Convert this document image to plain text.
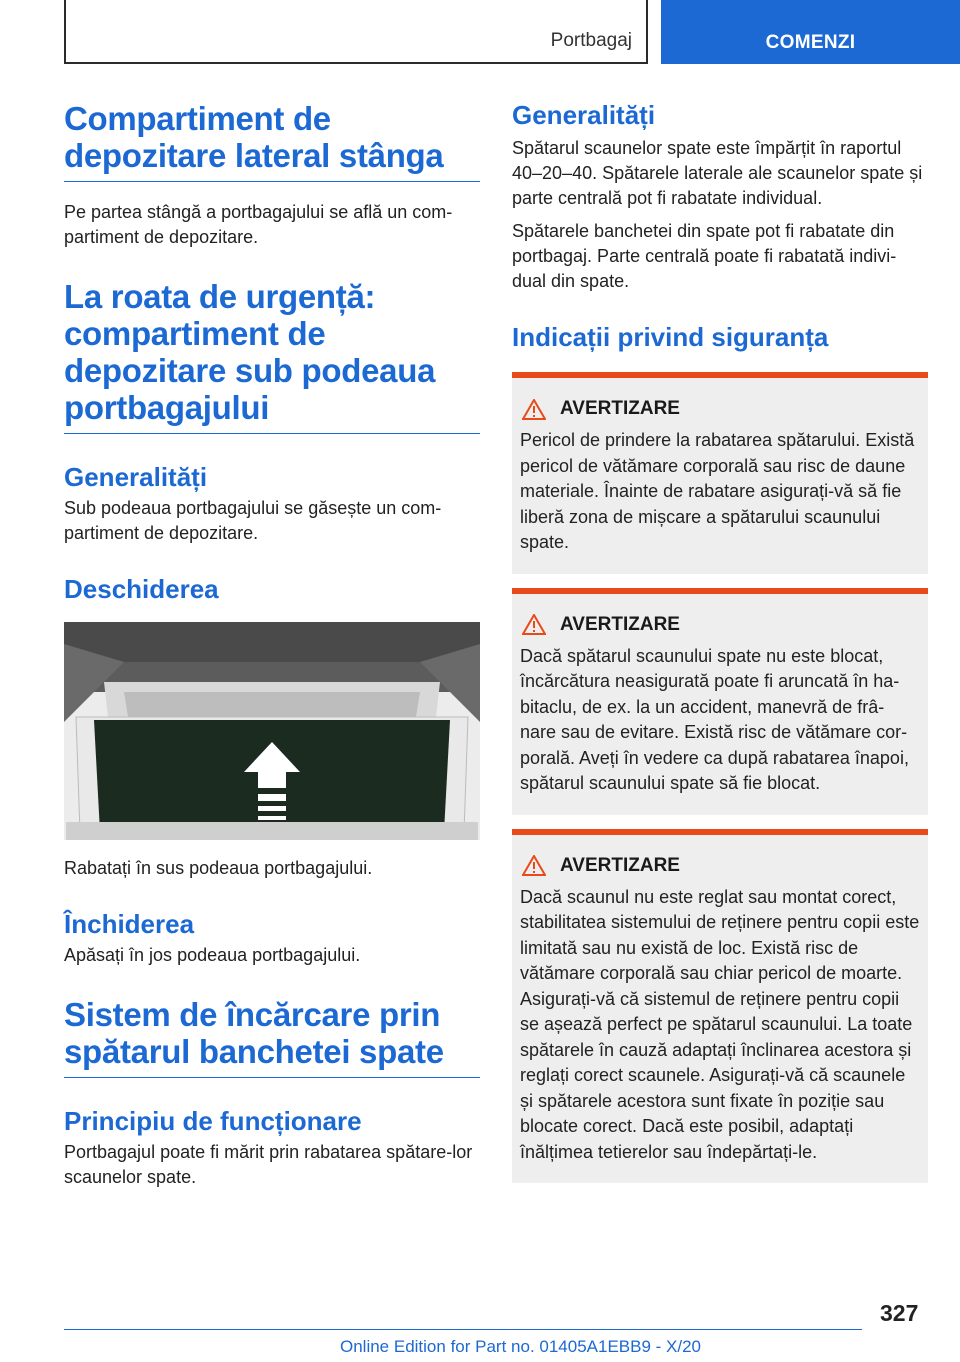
Portbagaj	COMENZI
Compartiment de depozitare lateral stânga

Pe partea stângă a portbagajului se află un com-partiment de depozitare.

La roata de urgență: compartiment de depozitare sub podeaua portbagajului
Generalități

Sub podeaua portbagajului se găsește un com-partiment de depozitare.

Deschiderea

Rabatați în sus podeaua portbagajului.

Închiderea

Apăsați în jos podeaua portbagajului.

Sistem de încărcare prin spătarul banchetei spate
Principiu de funcționare

Portbagajul poate fi mărit prin rabatarea spătare-lor scaunelor spate.

Generalități

Spătarul scaunelor spate este împărțit în raportul 40–20–40. Spătarele laterale ale scaunelor spate și parte centrală pot fi rabatate individual.

Spătarele banchetei din spate pot fi rabatate din portbagaj. Parte centrală poate fi rabatată indivi-dual din spate.

Indicații privind siguranța
AVERTIZARE

Pericol de prindere la rabatarea spătarului. Există pericol de vătămare corporală sau risc de daune materiale. Înainte de rabatare asigurați-vă să fie liberă zona de mișcare a spătarului scaunului spate.

AVERTIZARE

Dacă spătarul scaunului spate nu este blocat, încărcătura neasigurată poate fi aruncată în ha-bitaclu, de ex. la un accident, manevră de frâ-nare sau de evitare. Există risc de vătămare cor-porală. Aveți în vedere ca după rabatarea înapoi, spătarul scaunului spate să fie blocat.

AVERTIZARE

Dacă scaunul nu este reglat sau montat corect, stabilitatea sistemului de reținere pentru copii este limitată sau nu există de loc. Există risc de vătămare corporală sau chiar pericol de moarte. Asigurați-vă că sistemul de reținere pentru copii se așează perfect pe spătarul scaunului. La toate spătarele în cauză adaptați înclinarea acestora și reglați corect scaunele. Asigurați-vă că scaunele și spătarele acestora sunt fixate în poziție sau blocate corect. Dacă este posibil, adaptați înălțimea tetierelor sau îndepărtați-le.

327
Online Edition for Part no. 01405A1EBB9 - X/20
